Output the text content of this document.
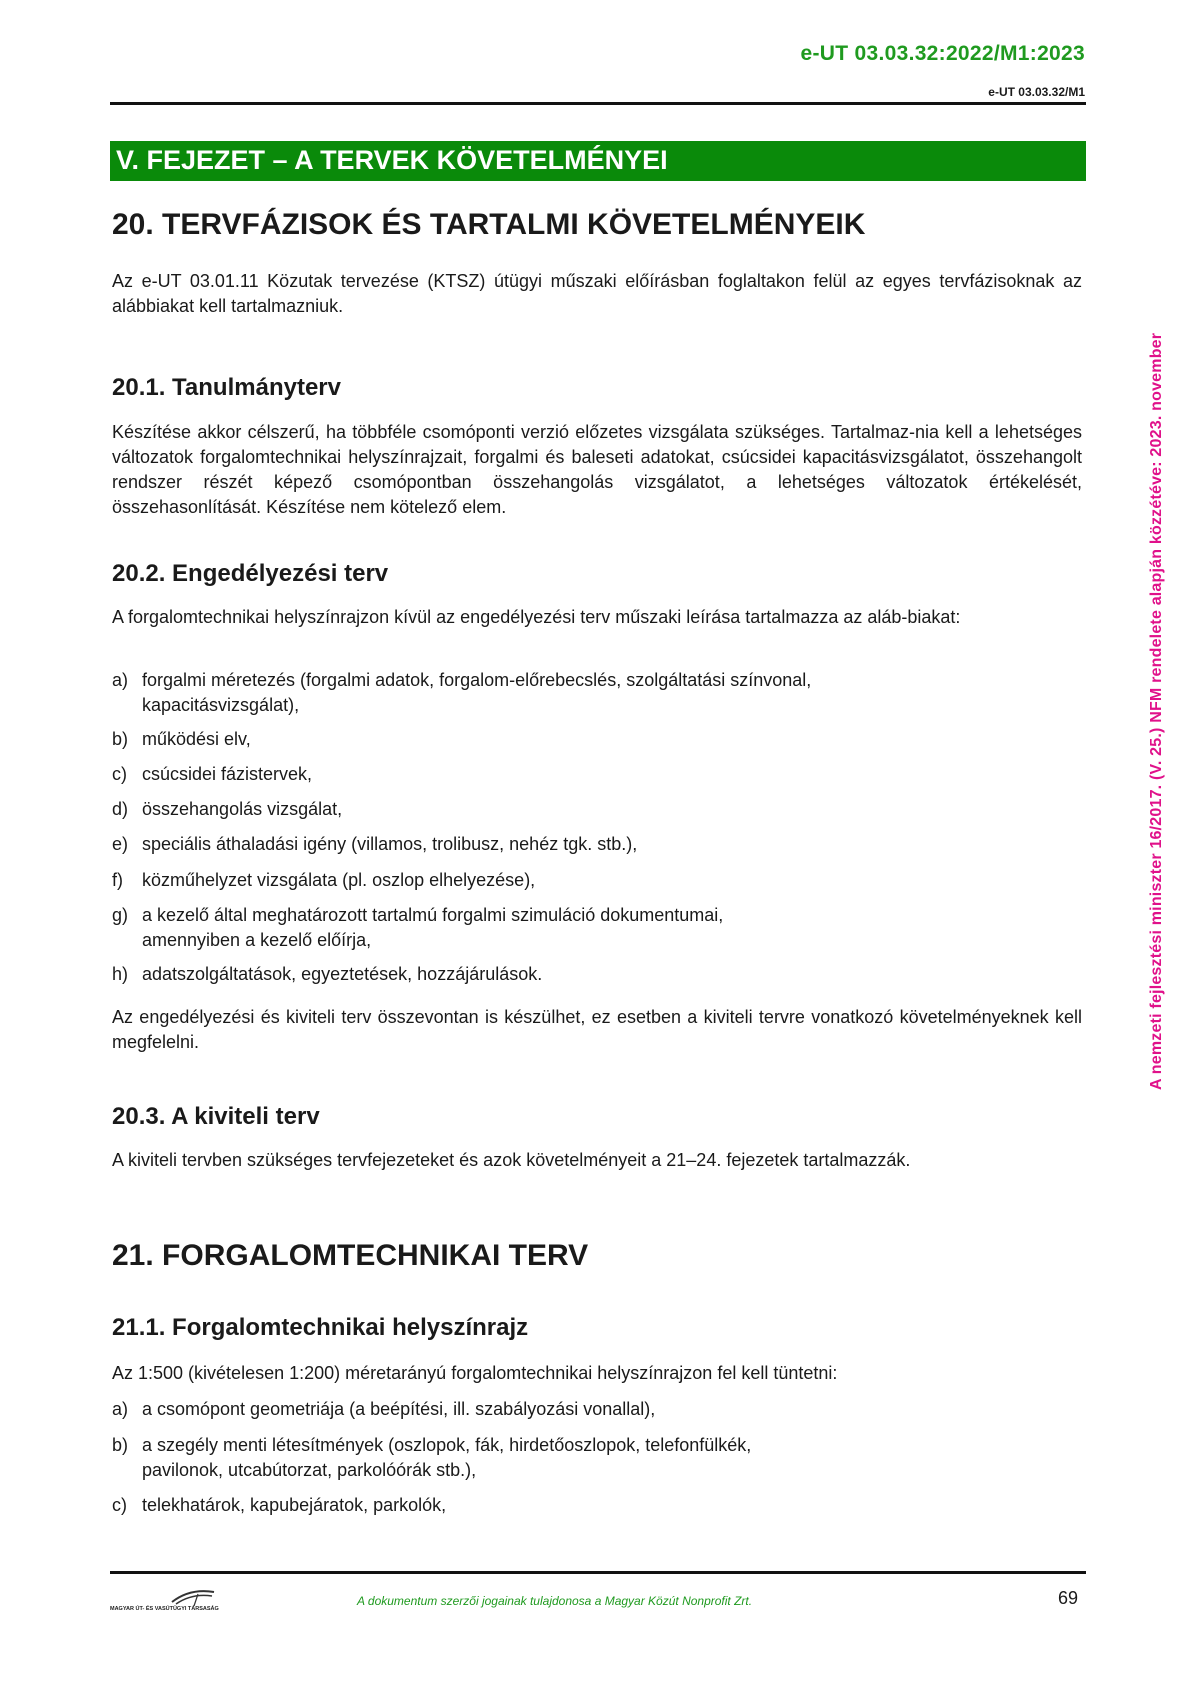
e-UT 03.03.32:2022/M1:2023
e-UT 03.03.32/M1
V. FEJEZET – A TERVEK KÖVETELMÉNYEI
20. TERVFÁZISOK ÉS TARTALMI KÖVETELMÉNYEIK
Az e-UT 03.01.11 Közutak tervezése (KTSZ) útügyi műszaki előírásban foglaltakon felül az egyes tervfázisoknak az alábbiakat kell tartalmazniuk.
20.1. Tanulmányterv
Készítése akkor célszerű, ha többféle csomóponti verzió előzetes vizsgálata szükséges. Tartalmaz-nia kell a lehetséges változatok forgalomtechnikai helyszínrajzait, forgalmi és baleseti adatokat, csúcsidei kapacitásvizsgálatot, összehangolt rendszer részét képező csomópontban összehangolás vizsgálatot, a lehetséges változatok értékelését, összehasonlítását. Készítése nem kötelező elem.
20.2. Engedélyezési terv
A forgalomtechnikai helyszínrajzon kívül az engedélyezési terv műszaki leírása tartalmazza az aláb-biakat:
a) forgalmi méretezés (forgalmi adatok, forgalom-előrebecslés, szolgáltatási színvonal,
kapacitásvizsgálat),
b) működési elv,
c) csúcsidei fázistervek,
d) összehangolás vizsgálat,
e) speciális áthaladási igény (villamos, trolibusz, nehéz tgk. stb.),
f)	közműhelyzet vizsgálata (pl. oszlop elhelyezése),
g) a kezelő által meghatározott tartalmú forgalmi szimuláció dokumentumai,
amennyiben a kezelő előírja,
h) adatszolgáltatások, egyeztetések, hozzájárulások.
Az engedélyezési és kiviteli terv összevontan is készülhet, ez esetben a kiviteli tervre vonatkozó követelményeknek kell megfelelni.
20.3. A kiviteli terv
A kiviteli tervben szükséges tervfejezeteket és azok követelményeit a 21–24. fejezetek tartalmazzák.
21. FORGALOMTECHNIKAI TERV
21.1. Forgalomtechnikai helyszínrajz
Az 1:500 (kivételesen 1:200) méretarányú forgalomtechnikai helyszínrajzon fel kell tüntetni:
a) a csomópont geometriája (a beépítési, ill. szabályozási vonallal),
b) a szegély menti létesítmények (oszlopok, fák, hirdetőoszlopok, telefonfülkék,
pavilonok, utcabútorzat, parkolóórák stb.),
c) telekhatárok, kapubejáratok, parkolók,
A nemzeti fejlesztési miniszter 16/2017. (V. 25.) NFM rendelete alapján közzétéve: 2023. november
MAGYAR ÚT- ÉS VASÚTÜGYI TÁRSASÁG
A dokumentum szerzői jogainak tulajdonosa a Magyar Közút Nonprofit Zrt.	69
